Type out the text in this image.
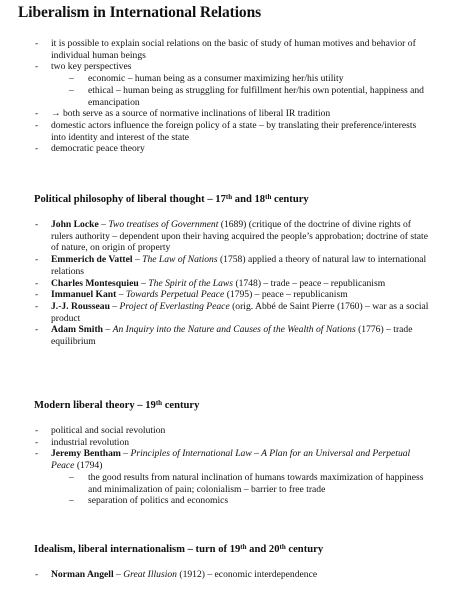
Liberalism in International Relations
- it is possible to explain social relations on the basic of study of human motives and behavior of individual human beings
- two key perspectives
– economic – human being as a consumer maximizing her/his utility
– ethical – human being as struggling for fulfillment her/his own potential, happiness and emancipation
- → both serve as a source of normative inclinations of liberal IR tradition
- domestic actors influence the foreign policy of a state – by translating their preference/interests into identity and interest of the state
- democratic peace theory
Political philosophy of liberal thought – 17th and 18th century
- John Locke – Two treatises of Government (1689) (critique of the doctrine of divine rights of rulers authority – dependent upon their having acquired the people’s approbation; doctrine of state of nature, on origin of property
- Emmerich de Vattel – The Law of Nations (1758) applied a theory of natural law to international relations
- Charles Montesquieu – The Spirit of the Laws (1748) – trade – peace – republicanism
- Immanuel Kant – Towards Perpetual Peace (1795) – peace – republicanism
- J.-J. Rousseau – Project of Everlasting Peace (orig. Abbé de Saint Pierre (1760) – war as a social product
- Adam Smith – An Inquiry into the Nature and Causes of the Wealth of Nations (1776) – trade equilibrium
Modern liberal theory – 19th century
- political and social revolution
- industrial revolution
- Jeremy Bentham – Principles of International Law – A Plan for an Universal and Perpetual Peace (1794)
– the good results from natural inclination of humans towards maximization of happiness and minimalization of pain; colonialism – barrier to free trade
– separation of politics and economics
Idealism, liberal internationalism – turn of 19th and 20th century
- Norman Angell – Great Illusion (1912) – economic interdependence
